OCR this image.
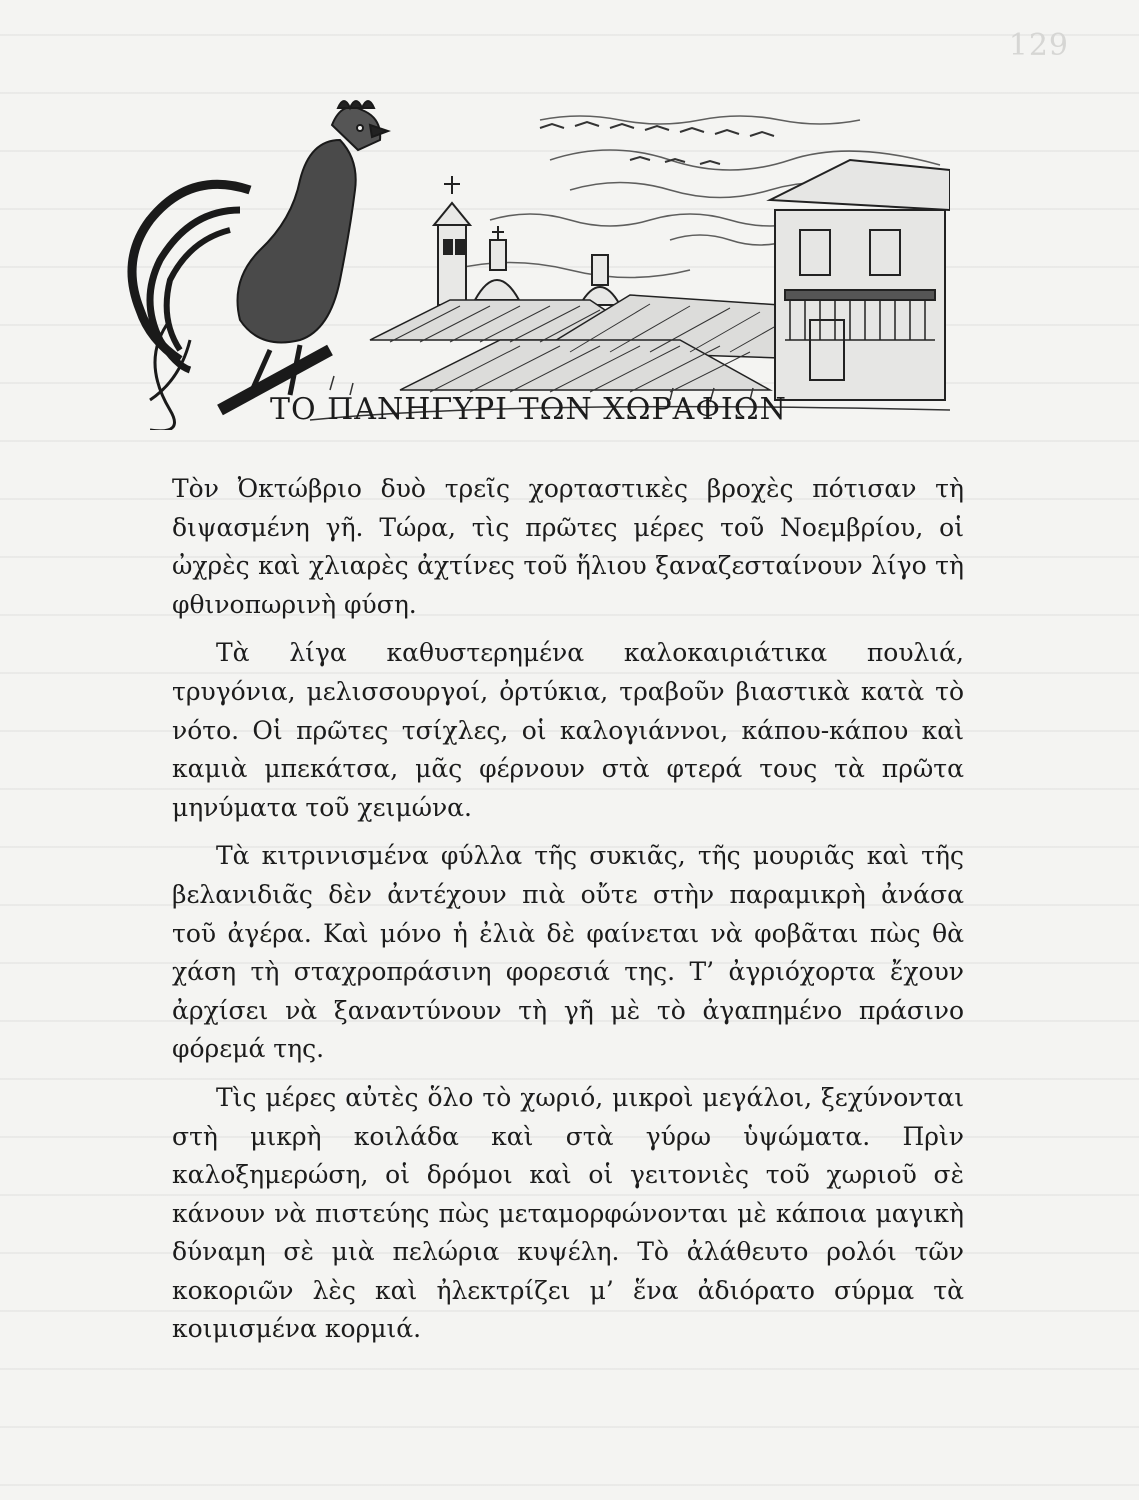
129
ΤΟ ΠΑΝΗΓΥΡΙ ΤΩΝ ΧΩΡΑΦΙΩΝ

Τὸν Ὀκτώβριο δυὸ τρεῖς χορταστικὲς βροχὲς πότισαν τὴ διψασμένη γῆ. Τώρα, τὶς πρῶτες μέρες τοῦ Νοεμβρίου, οἱ ὠχρὲς καὶ χλιαρὲς ἀχτίνες τοῦ ἥλιου ξαναζεσταίνουν λίγο τὴ φθινοπωρινὴ φύση.

Τὰ λίγα καθυστερημένα καλοκαιριάτικα πουλιά, τρυγόνια, μελισσουργοί, ὀρτύκια, τραβοῦν βιαστικὰ κατὰ τὸ νότο. Οἱ πρῶτες τσίχλες, οἱ καλογιάννοι, κάπου-κάπου καὶ καμιὰ μπεκάτσα, μᾶς φέρνουν στὰ φτερά τους τὰ πρῶτα μηνύματα τοῦ χειμώνα.

Τὰ κιτρινισμένα φύλλα τῆς συκιᾶς, τῆς μουριᾶς καὶ τῆς βελανιδιᾶς δὲν ἀντέχουν πιὰ οὔτε στὴν παραμικρὴ ἀνάσα τοῦ ἀγέρα. Καὶ μόνο ἡ ἐλιὰ δὲ φαίνεται νὰ φοβᾶται πὼς θὰ χάση τὴ σταχροπράσινη φορεσιά της. Τ’ ἀγριόχορτα ἔχουν ἀρχίσει νὰ ξαναντύνουν τὴ γῆ μὲ τὸ ἀγαπημένο πράσινο φόρεμά της.

Τὶς μέρες αὐτὲς ὅλο τὸ χωριό, μικροὶ μεγάλοι, ξεχύνονται στὴ μικρὴ κοιλάδα καὶ στὰ γύρω ὑψώματα. Πρὶν καλοξημερώση, οἱ δρόμοι καὶ οἱ γειτονιὲς τοῦ χωριοῦ σὲ κάνουν νὰ πιστεύης πὼς μεταμορφώνονται μὲ κάποια μαγικὴ δύναμη σὲ μιὰ πελώρια κυψέλη. Τὸ ἀλάθευτο ρολόι τῶν κοκοριῶν λὲς καὶ ἠλεκτρίζει μ’ ἕνα ἀδιόρατο σύρμα τὰ κοιμισμένα κορμιά.
